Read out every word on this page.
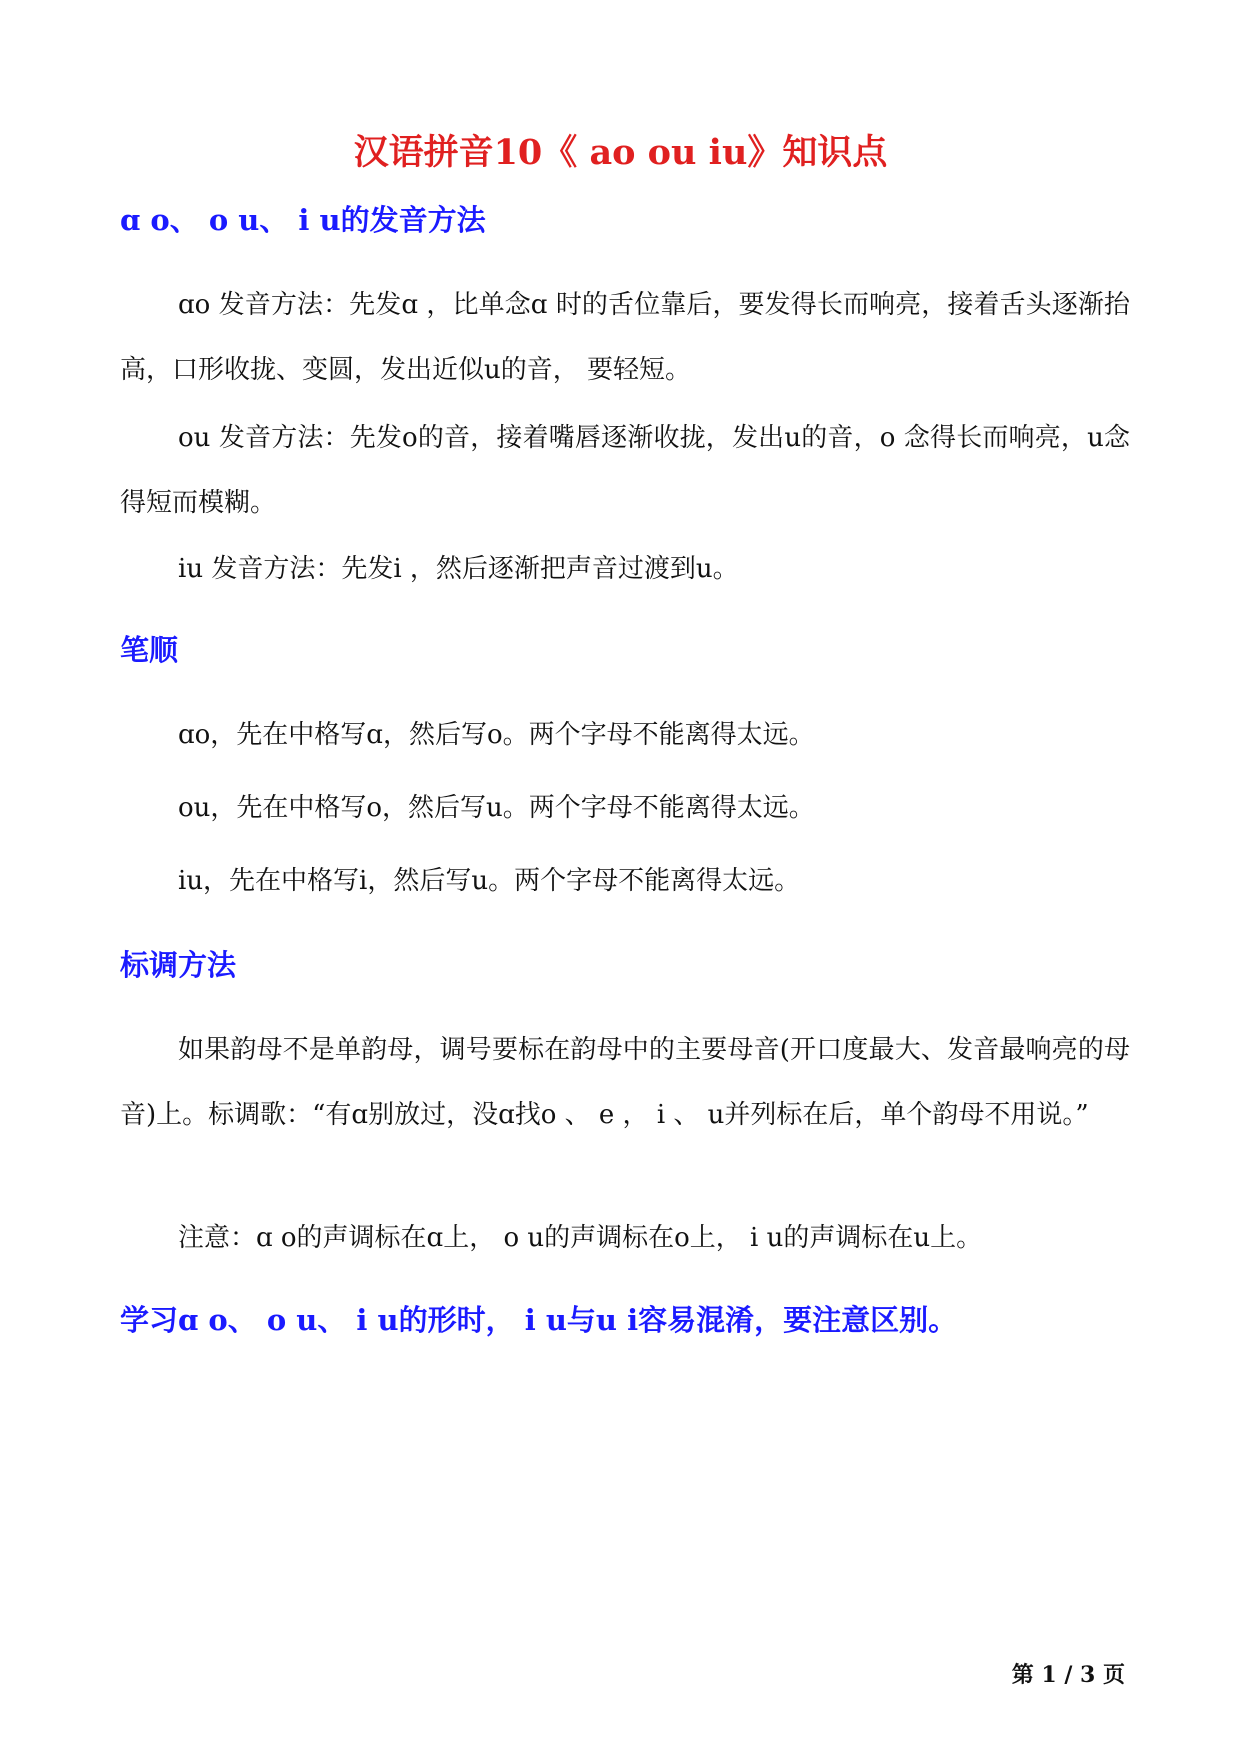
汉语拼音10《 ao ou iu》知识点
ɑ o、 o u、 i u的发音方法

ɑo 发音方法：先发ɑ ，比单念ɑ 时的舌位靠后，要发得长而响亮，接着舌头逐渐抬高，口形收拢、变圆，发出近似u的音， 要轻短。

ou 发音方法：先发o的音，接着嘴唇逐渐收拢，发出u的音，o 念得长而响亮，u念得短而模糊。

iu 发音方法：先发i ，然后逐渐把声音过渡到u。

笔顺

ɑo，先在中格写ɑ，然后写o。两个字母不能离得太远。

ou，先在中格写o，然后写u。两个字母不能离得太远。

iu，先在中格写i，然后写u。两个字母不能离得太远。

标调方法

如果韵母不是单韵母，调号要标在韵母中的主要母音(开口度最大、发音最响亮的母音)上。标调歌：“有ɑ别放过，没ɑ找o 、 e ， i 、 u并列标在后，单个韵母不用说。”

注意：ɑ o的声调标在ɑ上， o u的声调标在o上， i u的声调标在u上。

学习ɑ o、 o u、 i u的形时， i u与u i容易混淆，要注意区别。
第 1 / 3 页
